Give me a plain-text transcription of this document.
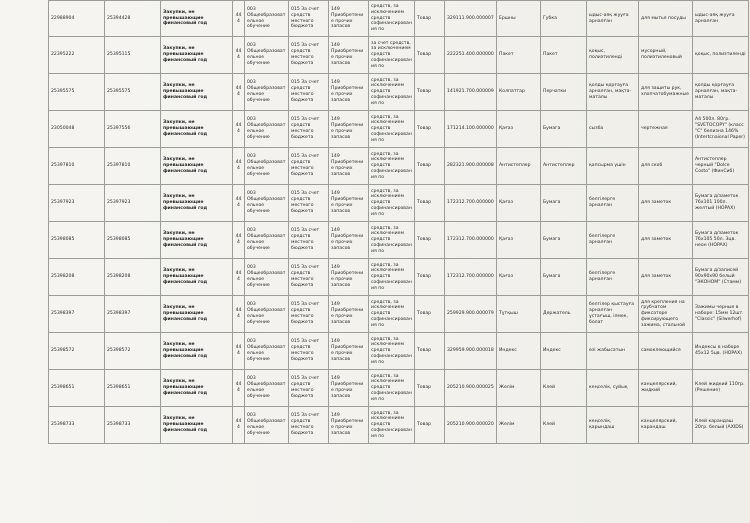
22988904	25394428	Закупки, не превышающие финансовый год	444	003 Общеобразовательное обучение	015 За счет средств местного бюджета	149 Приобретение прочих запасов	средств, за исключением средств софинансирования по	Товар	329111.900.000007	Ершны	Губка	ыдыс-аяқ жууға арналған	для мытья посуды	ыдыс-аяқ жууға арналған
22395222	25395115	Закупки, не превышающие финансовый год	444	003 Общеобразовательное обучение	015 За счет средств местного бюджета	149 Приобретение прочих запасов	за счет средств, за исключением средств софинансирования по	Товар	222251.400.000000	Пакет	Пакет	қоқыс, полиэтиленді	мусорный, полиэтиленовый	қоқыс, полиэтиленді
25395575	25395575	Закупки, не превышающие финансовый год	444	003 Общеобразовательное обучение	015 За счет средств местного бюджета	149 Приобретение прочих запасов	средств, за исключением средств софинансирования по	Товар	141921.700.000009	Колпаттар	Перчатки	қолды қорғауға арналған, мақта-маталы	для защиты рук, хлопчатобумажные	қолды қорғауға арналған, мақта-маталы
23050048	25397556	Закупки, не превышающие финансовый год	444	003 Общеобразовательное обучение	015 За счет средств местного бюджета	149 Приобретение прочих запасов	средств, за исключением средств софинансирования по	Товар	171214.100.000000	Қағаз	Бумага	сызба	чертежная	А4 500л. 80гр. "SVETOCOPY" (класс "С" белизна 146% (Intertcnaional Paper)
25397810	25397810	Закупки, не превышающие финансовый год	444	003 Общеобразовательное обучение	015 За счет средств местного бюджета	149 Приобретение прочих запасов	средств, за исключением средств софинансирования по	Товар	282321.900.000008	Антистеплер	Антистеплер	қапсырма үшін	для скоб	Антистеплер черный "Dolce Costo" (ФинСиб)
25397923	25397923	Закупки, не превышающие финансовый год	444	003 Общеобразовательное обучение	015 За счет средств местного бюджета	149 Приобретение прочих запасов	средств, за исключением средств софинансирования по	Товар	172312.700.000000	Қағаз	Бумага	белгілерге арналған	для заметок	Бумага д/заметок 76x101 100л. желтый (HOPAX)
25398085	25398085	Закупки, не превышающие финансовый год	444	003 Общеобразовательное обучение	015 За счет средств местного бюджета	149 Приобретение прочих запасов	средств, за исключением средств софинансирования по	Товар	172312.700.000000	Қағаз	Бумага	белгілерге арналған	для заметок	Бумага д/заметок 76x105 50л. 3цв. неон (HOPAX)
25398208	25398208	Закупки, не превышающие финансовый год	444	003 Общеобразовательное обучение	015 За счет средств местного бюджета	149 Приобретение прочих запасов	средств, за исключением средств софинансирования по	Товар	172312.700.000000	Қағаз	Бумага	белгілерге арналған	для заметок	Бумага д/записей 90x90x90 белый "ЭКОНОМ" (Стамм)
25398397	25398397	Закупки, не превышающие финансовый год	444	003 Общеобразовательное обучение	015 За счет средств местного бюджета	149 Приобретение прочих запасов	средств, за исключением средств софинансирования по	Товар	259929.900.000079	Тұтқыш	Держатель	белгілер қыстауға арналған ұстағыш, ілмек, болат	для крепления на грубчатом фиксаторе фиксирующего зажима, стальной	Зажимы черные в наборе: 15мм 12шт. "Classic" (Silwerhof)
25398572	25398572	Закупки, не превышающие финансовый год	444	003 Общеобразовательное обучение	015 За счет средств местного бюджета	149 Приобретение прочих запасов	средств, за исключением средств софинансирования по	Товар	329959.900.000018	Индекс	Индекс	өзі жабысатын	самоклеющийся	Индексы в наборе 45x12 5цв. (HOPAX)
25398651	25398651	Закупки, не превышающие финансовый год	444	003 Общеобразовательное обучение	015 За счет средств местного бюджета	149 Приобретение прочих запасов	средств, за исключением средств софинансирования по	Товар	205210.900.000025	Желім	Клей	кеңселік, сұйық	канцелярский, жидкий	Клей жидкий 110гр. (Решение)
25398733	25398733	Закупки, не превышающие финансовый год	444	003 Общеобразовательное обучение	015 За счет средств местного бюджета	149 Приобретение прочих запасов	средств, за исключением средств софинансирования по	Товар	205210.900.000020	Желім	Клей	кеңселік, қарындаш	канцелярский, карандаш	Клей карандаш 20гр. белый (AXIDS)
